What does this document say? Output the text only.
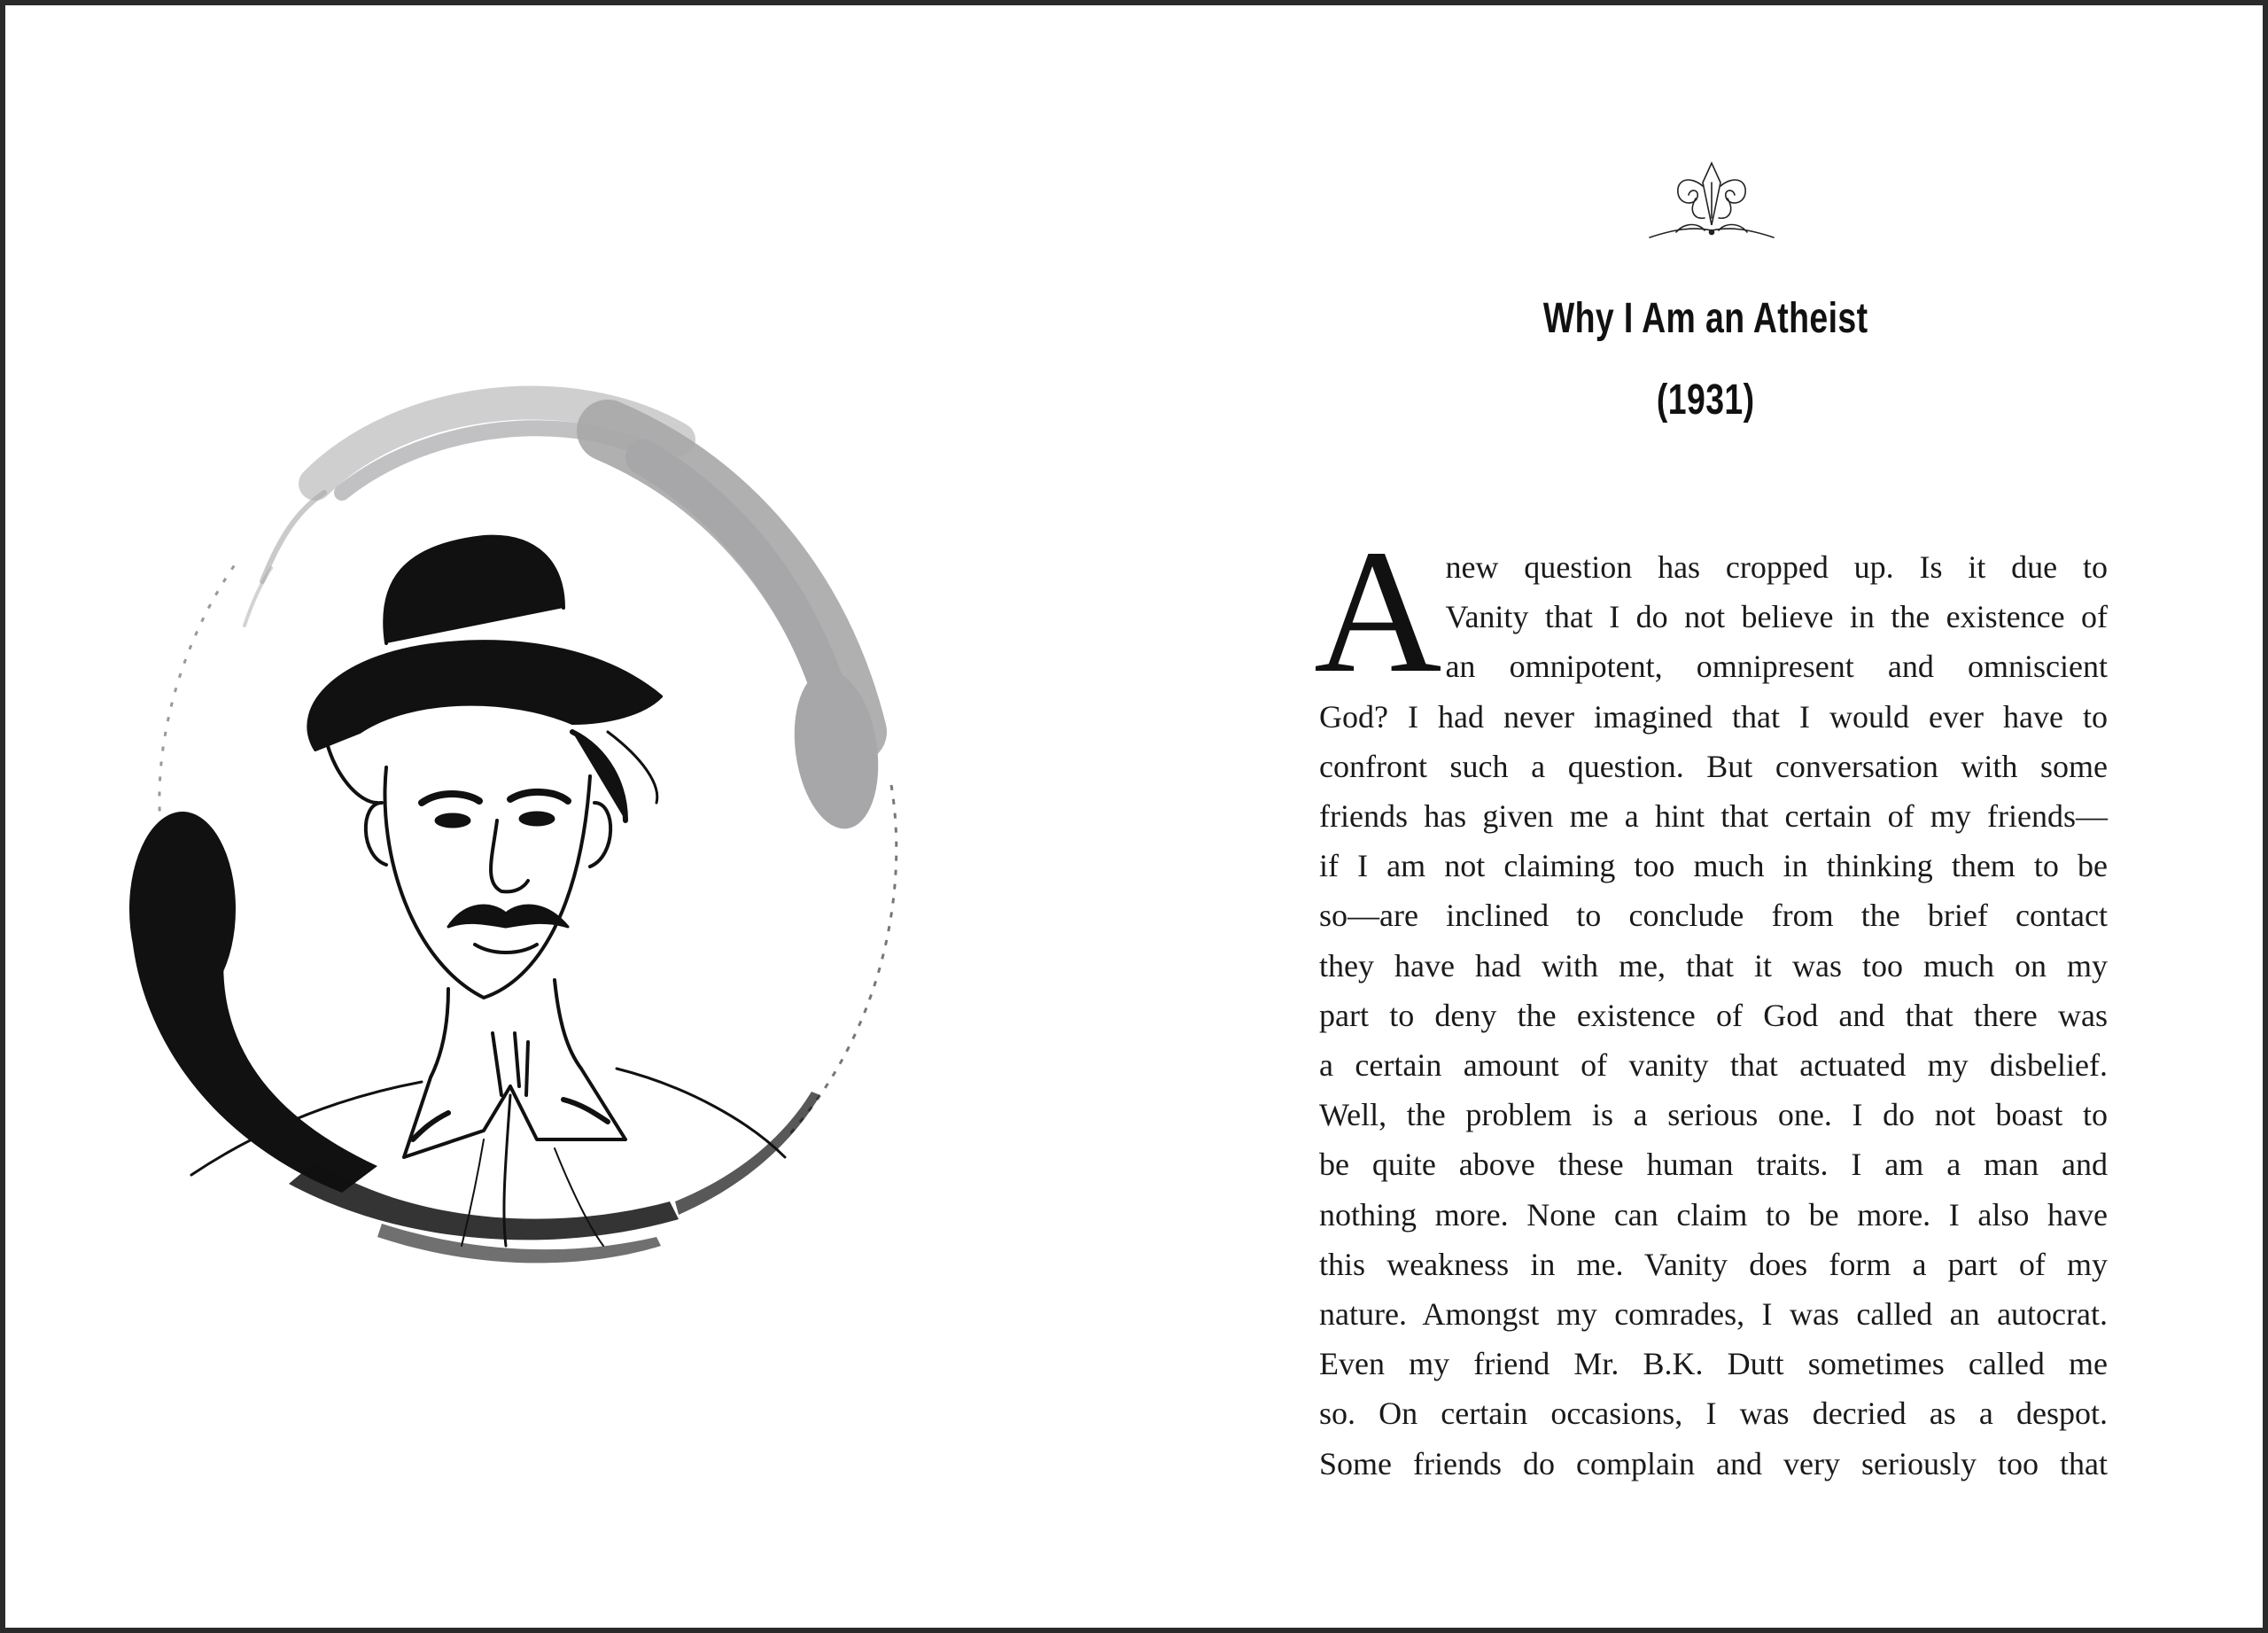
Why I Am an Atheist
(1931)
A new question has cropped up. Is it due to
Vanity that I do not believe in the existence of
an omnipotent, omnipresent and omniscient
God? I had never imagined that I would ever have to
confront such a question. But conversation with some
friends has given me a hint that certain of my friends—
if I am not claiming too much in thinking them to be
so—are inclined to conclude from the brief contact
they have had with me, that it was too much on my
part to deny the existence of God and that there was
a certain amount of vanity that actuated my disbelief.
Well, the problem is a serious one. I do not boast to
be quite above these human traits. I am a man and
nothing more. None can claim to be more. I also have
this weakness in me. Vanity does form a part of my
nature. Amongst my comrades, I was called an autocrat.
Even my friend Mr. B.K. Dutt sometimes called me
so. On certain occasions, I was decried as a despot.
Some friends do complain and very seriously too that
